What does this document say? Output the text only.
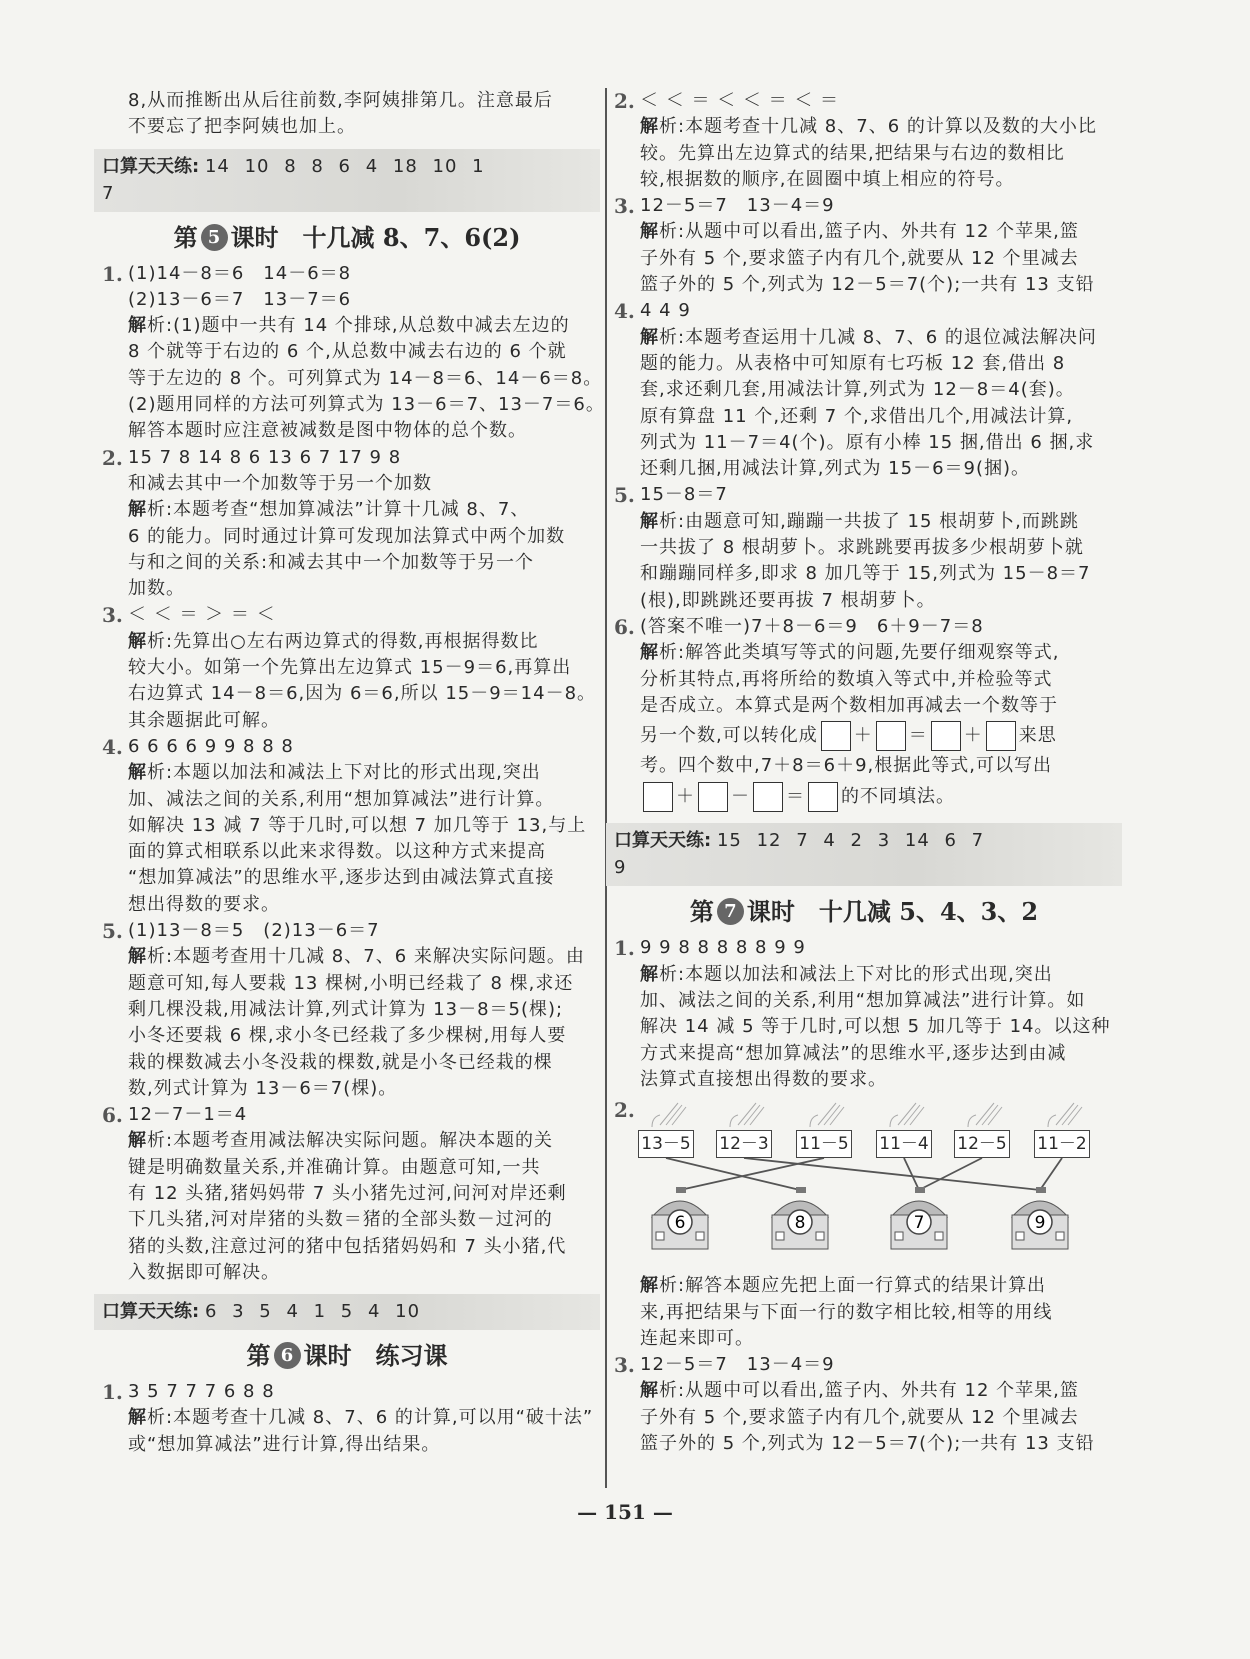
8,从而推断出从后往前数,李阿姨排第几。注意最后
不要忘了把李阿姨也加上。
口算天天练: 14 10 8 8 6 4 18 10 1
7
第 5 课时　十几减 8、7、6(2)
1. (1)14－8＝6　14－6＝8
(2)13－6＝7　13－7＝6
解析:(1)题中一共有 14 个排球,从总数中减去左边的
8 个就等于右边的 6 个,从总数中减去右边的 6 个就
等于左边的 8 个。可列算式为 14－8＝6、14－6＝8。
(2)题用同样的方法可列算式为 13－6＝7、13－7＝6。
解答本题时应注意被减数是图中物体的总个数。
2. 15 7 8 14 8 6 13 6 7 17 9 8
和减去其中一个加数等于另一个加数
解析:本题考查“想加算减法”计算十几减 8、7、
6 的能力。同时通过计算可发现加法算式中两个加数
与和之间的关系:和减去其中一个加数等于另一个
加数。
3. ＜ ＜ ＝ ＞ ＝ ＜
解析:先算出○左右两边算式的得数,再根据得数比
较大小。如第一个先算出左边算式 15－9＝6,再算出
右边算式 14－8＝6,因为 6＝6,所以 15－9＝14－8。
其余题据此可解。
4. 6 6 6 6 9 9 8 8 8
解析:本题以加法和减法上下对比的形式出现,突出
加、减法之间的关系,利用“想加算减法”进行计算。
如解决 13 减 7 等于几时,可以想 7 加几等于 13,与上
面的算式相联系以此来求得数。以这种方式来提高
“想加算减法”的思维水平,逐步达到由减法算式直接
想出得数的要求。
5. (1)13－8＝5　(2)13－6＝7
解析:本题考查用十几减 8、7、6 来解决实际问题。由
题意可知,每人要栽 13 棵树,小明已经栽了 8 棵,求还
剩几棵没栽,用减法计算,列式计算为 13－8＝5(棵);
小冬还要栽 6 棵,求小冬已经栽了多少棵树,用每人要
栽的棵数减去小冬没栽的棵数,就是小冬已经栽的棵
数,列式计算为 13－6＝7(棵)。
6. 12－7－1＝4
解析:本题考查用减法解决实际问题。解决本题的关
键是明确数量关系,并准确计算。由题意可知,一共
有 12 头猪,猪妈妈带 7 头小猪先过河,问河对岸还剩
下几头猪,河对岸猪的头数＝猪的全部头数－过河的
猪的头数,注意过河的猪中包括猪妈妈和 7 头小猪,代
入数据即可解决。
口算天天练: 6 3 5 4 1 5 4 10
第 6 课时　练习课
1. 3 5 7 7 7 6 8 8
解析:本题考查十几减 8、7、6 的计算,可以用“破十法”
或“想加算减法”进行计算,得出结果。
2. ＜ ＜ ＝ ＜ ＜ ＝ ＜ ＝
解析:本题考查十几减 8、7、6 的计算以及数的大小比
较。先算出左边算式的结果,把结果与右边的数相比
较,根据数的顺序,在圆圈中填上相应的符号。
3. 12－5＝7　13－4＝9
解析:从题中可以看出,篮子内、外共有 12 个苹果,篮
子外有 5 个,要求篮子内有几个,就要从 12 个里减去
篮子外的 5 个,列式为 12－5＝7(个);一共有 13 支铅
4. 4 4 9
解析:本题考查运用十几减 8、7、6 的退位减法解决问
题的能力。从表格中可知原有七巧板 12 套,借出 8
套,求还剩几套,用减法计算,列式为 12－8＝4(套)。
原有算盘 11 个,还剩 7 个,求借出几个,用减法计算,
列式为 11－7＝4(个)。原有小棒 15 捆,借出 6 捆,求
还剩几捆,用减法计算,列式为 15－6＝9(捆)。
5. 15－8＝7
解析:由题意可知,蹦蹦一共拔了 15 根胡萝卜,而跳跳
一共拔了 8 根胡萝卜。求跳跳要再拔多少根胡萝卜就
和蹦蹦同样多,即求 8 加几等于 15,列式为 15－8＝7
(根),即跳跳还要再拔 7 根胡萝卜。
6. (答案不唯一)7＋8－6＝9　6＋9－7＝8
解析:解答此类填写等式的问题,先要仔细观察等式,
分析其特点,再将所给的数填入等式中,并检验等式
是否成立。本算式是两个数相加再减去一个数等于
另一个数,可以转化成 ＋ ＝ ＋ 来思
考。四个数中,7＋8＝6＋9,根据此等式,可以写出
＋ － ＝ 的不同填法。
口算天天练: 15 12 7 4 2 3 14 6 7
9
第 7 课时　十几减 5、4、3、2
1. 9 9 8 8 8 8 8 9 9
解析:本题以加法和减法上下对比的形式出现,突出
加、减法之间的关系,利用“想加算减法”进行计算。如
解决 14 减 5 等于几时,可以想 5 加几等于 14。以这种
方式来提高“想加算减法”的思维水平,逐步达到由减
法算式直接想出得数的要求。
2.
6	8	7	9
13－5 12－3 11－5 11－4 12－5 11－2
解析:解答本题应先把上面一行算式的结果计算出
来,再把结果与下面一行的数字相比较,相等的用线
连起来即可。
3. 12－5＝7　13－4＝9
解析:从题中可以看出,篮子内、外共有 12 个苹果,篮
子外有 5 个,要求篮子内有几个,就要从 12 个里减去
篮子外的 5 个,列式为 12－5＝7(个);一共有 13 支铅
— 151 —
